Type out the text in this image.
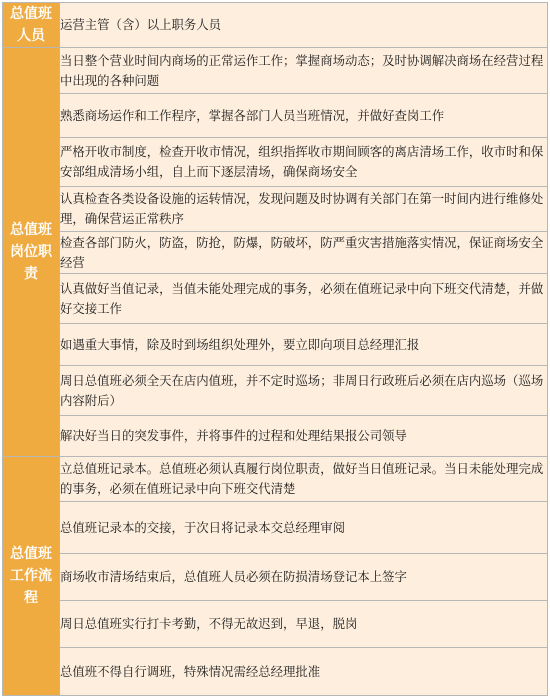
总值班人员	运营主管（含）以上职务人员

总值班岗位职责	当日整个营业时间内商场的正常运作工作；掌握商场动态；及时协调解决商场在经营过程中出现的各种问题
	熟悉商场运作和工作程序，掌握各部门人员当班情况，并做好查岗工作
	严格开收市制度，检查开收市情况，组织指挥收市期间顾客的离店清场工作，收市时和保安部组成清场小组，自上而下逐层清场，确保商场安全
	认真检查各类设备设施的运转情况，发现问题及时协调有关部门在第一时间内进行维修处理，确保营运正常秩序
	检查各部门防火，防盗，防抢，防爆，防破坏，防严重灾害措施落实情况，保证商场安全经营
	认真做好当值记录，当值未能处理完成的事务，必须在值班记录中向下班交代清楚，并做好交接工作
	如遇重大事情，除及时到场组织处理外，要立即向项目总经理汇报
	周日总值班必须全天在店内值班，并不定时巡场；非周日行政班后必须在店内巡场（巡场内容附后）
	解决好当日的突发事件，并将事件的过程和处理结果报公司领导

总值班工作流程	立总值班记录本。总值班必须认真履行岗位职责，做好当日值班记录。当日未能处理完成的事务，必须在值班记录中向下班交代清楚
	总值班记录本的交接，于次日将记录本交总经理审阅
	商场收市清场结束后，总值班人员必须在防损清场登记本上签字
	周日总值班实行打卡考勤，不得无故迟到，早退，脱岗
	总值班不得自行调班，特殊情况需经总经理批准
